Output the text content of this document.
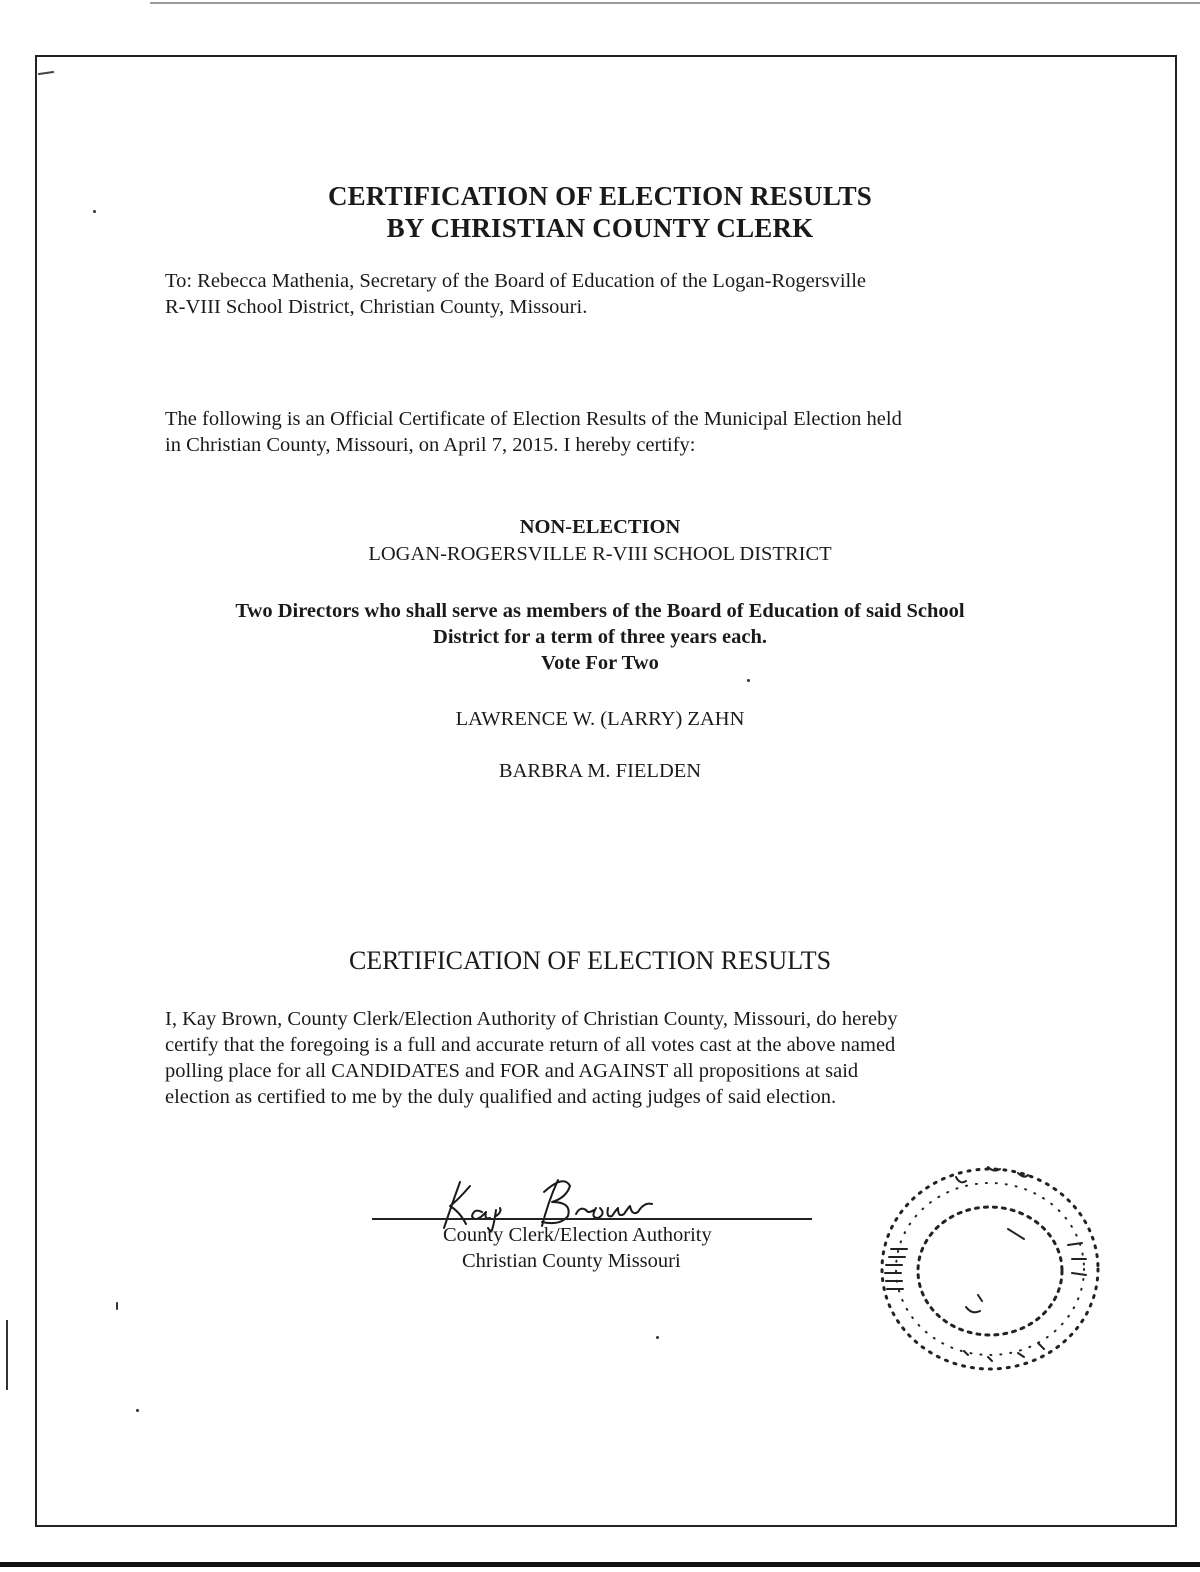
CERTIFICATION OF ELECTION RESULTS
BY CHRISTIAN COUNTY CLERK
To: Rebecca Mathenia, Secretary of the Board of Education of the Logan-Rogersville
R-VIII School District, Christian County, Missouri.
The following is an Official Certificate of Election Results of the Municipal Election held
in Christian County, Missouri, on April 7, 2015. I hereby certify:
NON-ELECTION
LOGAN-ROGERSVILLE R-VIII SCHOOL DISTRICT
Two Directors who shall serve as members of the Board of Education of said School
District for a term of three years each.
Vote For Two
LAWRENCE W. (LARRY) ZAHN
BARBRA M. FIELDEN
CERTIFICATION OF ELECTION RESULTS
I, Kay Brown, County Clerk/Election Authority of Christian County, Missouri, do hereby
certify that the foregoing is a full and accurate return of all votes cast at the above named
polling place for all CANDIDATES and FOR and AGAINST all propositions at said
election as certified to me by the duly qualified and acting judges of said election.
County Clerk/Election Authority
Christian County Missouri
